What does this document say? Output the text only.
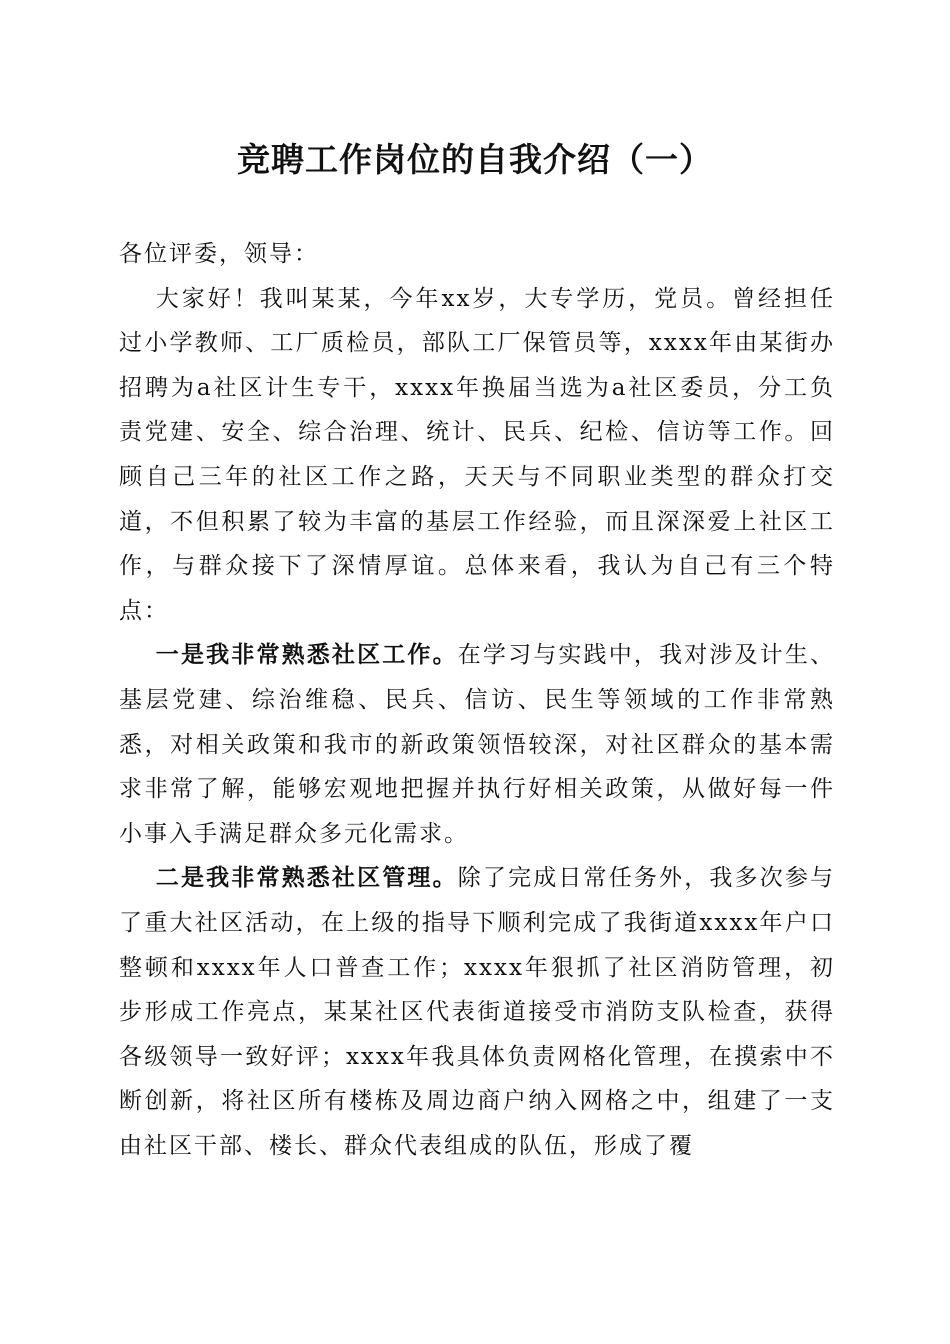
竞聘工作岗位的自我介绍（一）

各位评委，领导：

大家好！我叫某某，今年xx岁，大专学历，党员。曾经担任过小学教师、工厂质检员，部队工厂保管员等，xxxx年由某街办招聘为a社区计生专干，xxxx年换届当选为a社区委员，分工负责党建、安全、综合治理、统计、民兵、纪检、信访等工作。回顾自己三年的社区工作之路，天天与不同职业类型的群众打交道，不但积累了较为丰富的基层工作经验，而且深深爱上社区工作，与群众接下了深情厚谊。总体来看，我认为自己有三个特点：

一是我非常熟悉社区工作。在学习与实践中，我对涉及计生、基层党建、综治维稳、民兵、信访、民生等领域的工作非常熟悉，对相关政策和我市的新政策领悟较深，对社区群众的基本需求非常了解，能够宏观地把握并执行好相关政策，从做好每一件小事入手满足群众多元化需求。

二是我非常熟悉社区管理。除了完成日常任务外，我多次参与了重大社区活动，在上级的指导下顺利完成了我街道xxxx年户口整顿和xxxx年人口普查工作；xxxx年狠抓了社区消防管理，初步形成工作亮点，某某社区代表街道接受市消防支队检查，获得各级领导一致好评；xxxx年我具体负责网格化管理，在摸索中不断创新，将社区所有楼栋及周边商户纳入网格之中，组建了一支由社区干部、楼长、群众代表组成的队伍，形成了覆
